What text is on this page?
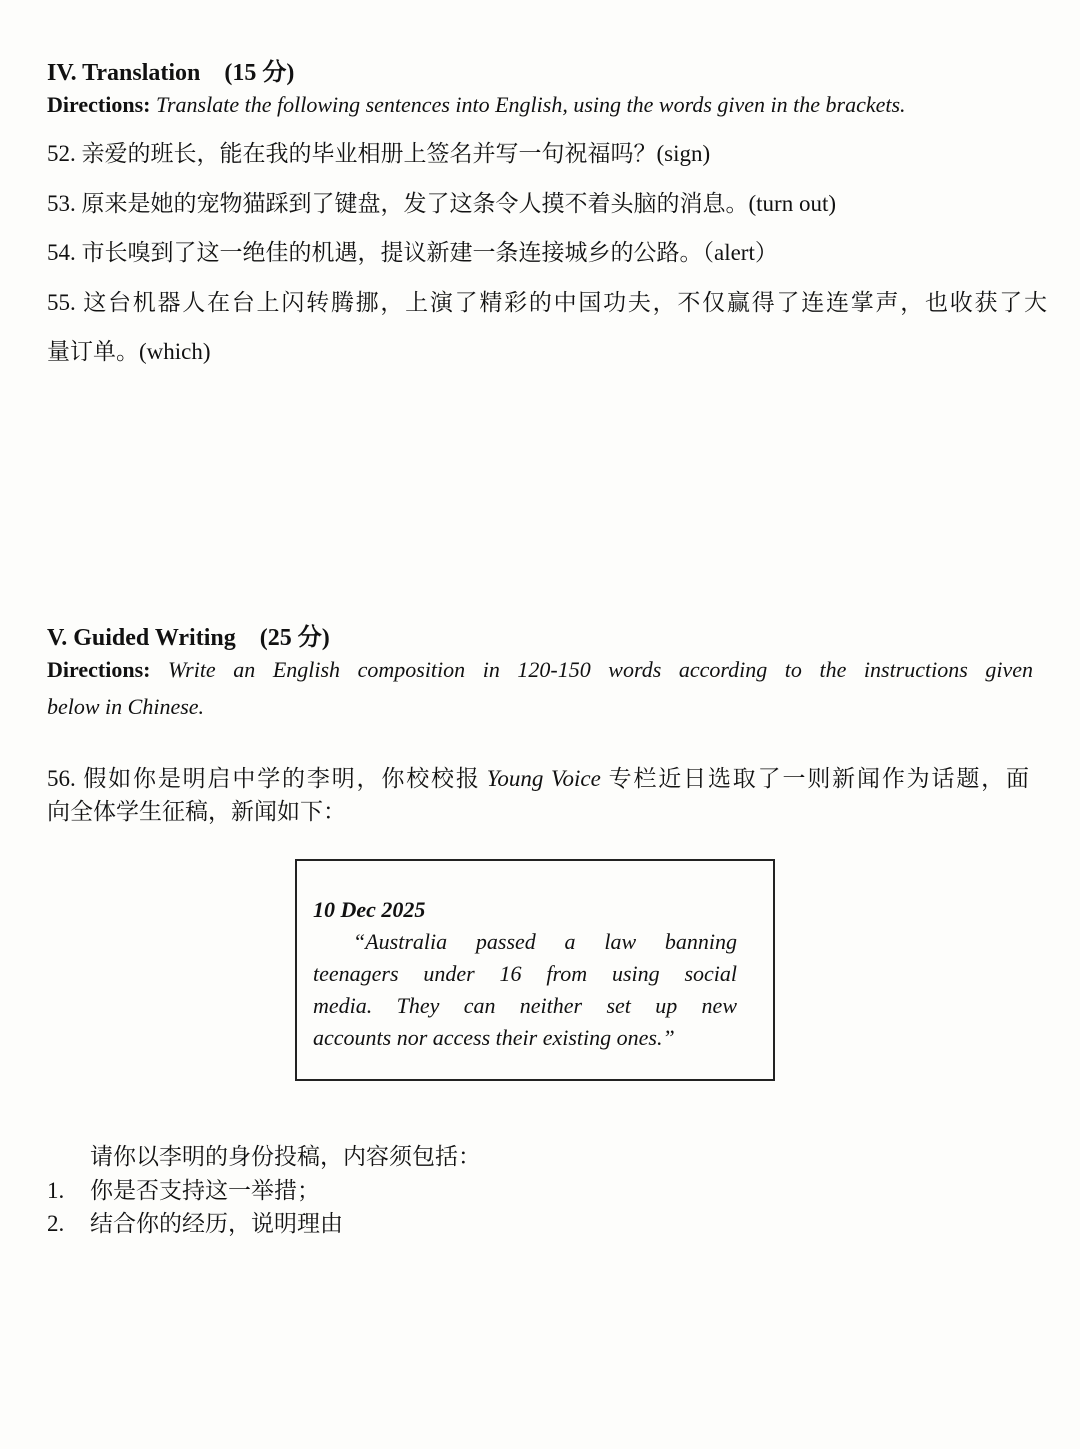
IV. Translation (15 分)
Directions: Translate the following sentences into English, using the words given in the brackets.
52. 亲爱的班长，能在我的毕业相册上签名并写一句祝福吗？(sign)
53. 原来是她的宠物猫踩到了键盘，发了这条令人摸不着头脑的消息。(turn out)
54. 市长嗅到了这一绝佳的机遇，提议新建一条连接城乡的公路。（alert）
55. 这台机器人在台上闪转腾挪，上演了精彩的中国功夫，不仅赢得了连连掌声，也收获了大
量订单。(which)
V. Guided Writing (25 分)
Directions: Write an English composition in 120-150 words according to the instructions given
below in Chinese.
56. 假如你是明启中学的李明，你校校报 Young Voice 专栏近日选取了一则新闻作为话题，面
向全体学生征稿，新闻如下：
10 Dec 2025
“Australia passed a law banning
teenagers under 16 from using social
media. They can neither set up new
accounts nor access their existing ones.”
请你以李明的身份投稿，内容须包括：
1. 你是否支持这一举措；
2. 结合你的经历，说明理由
